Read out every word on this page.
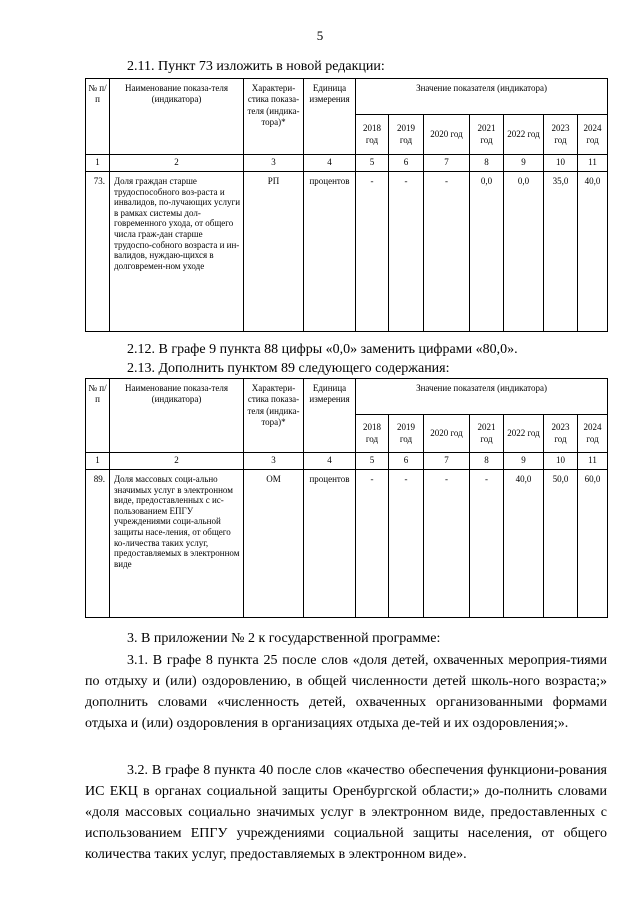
5
2.11. Пункт 73 изложить в новой редакции:
№ п/п	Наименование показа-теля (индикатора)	Характери-стика показа-теля (индика-тора)*	Единица измерения	Значение показателя (индикатора)						
				2018 год	2019 год	2020 год	2021 год	2022 год	2023 год	2024 год
1	2	3	4	5	6	7	8	9	10	11
73.	Доля граждан старше трудоспособного воз-раста и инвалидов, по-лучающих услуги в рамках системы дол-говременного ухода, от общего числа граж-дан старше трудоспо-собного возраста и ин-валидов, нуждаю-щихся в долговремен-ном уходе	РП	процентов	-	-	-	0,0	0,0	35,0	40,0
2.12. В графе 9 пункта 88 цифры «0,0» заменить цифрами «80,0».
2.13. Дополнить пунктом 89 следующего содержания:
№ п/п	Наименование показа-теля (индикатора)	Характери-стика показа-теля (индика-тора)*	Единица измерения	Значение показателя (индикатора)						
				2018 год	2019 год	2020 год	2021 год	2022 год	2023 год	2024 год
1	2	3	4	5	6	7	8	9	10	11
89.	Доля массовых соци-ально значимых услуг в электронном виде, предоставленных с ис-пользованием ЕПГУ учреждениями соци-альной защиты насе-ления, от общего ко-личества таких услуг, предоставляемых в электронном виде	ОМ	процентов	-	-	-	-	40,0	50,0	60,0
3. В приложении № 2 к государственной программе:
3.1. В графе 8 пункта 25 после слов «доля детей, охваченных мероприя-тиями по отдыху и (или) оздоровлению, в общей численности детей школь-ного возраста;» дополнить словами «численность детей, охваченных организованными формами отдыха и (или) оздоровления в организациях отдыха де-тей и их оздоровления;».
3.2. В графе 8 пункта 40 после слов «качество обеспечения функциони-рования ИС ЕКЦ в органах социальной защиты Оренбургской области;» до-полнить словами «доля массовых социально значимых услуг в электронном виде, предоставленных с использованием ЕПГУ учреждениями социальной защиты населения, от общего количества таких услуг, предоставляемых в электронном виде».
